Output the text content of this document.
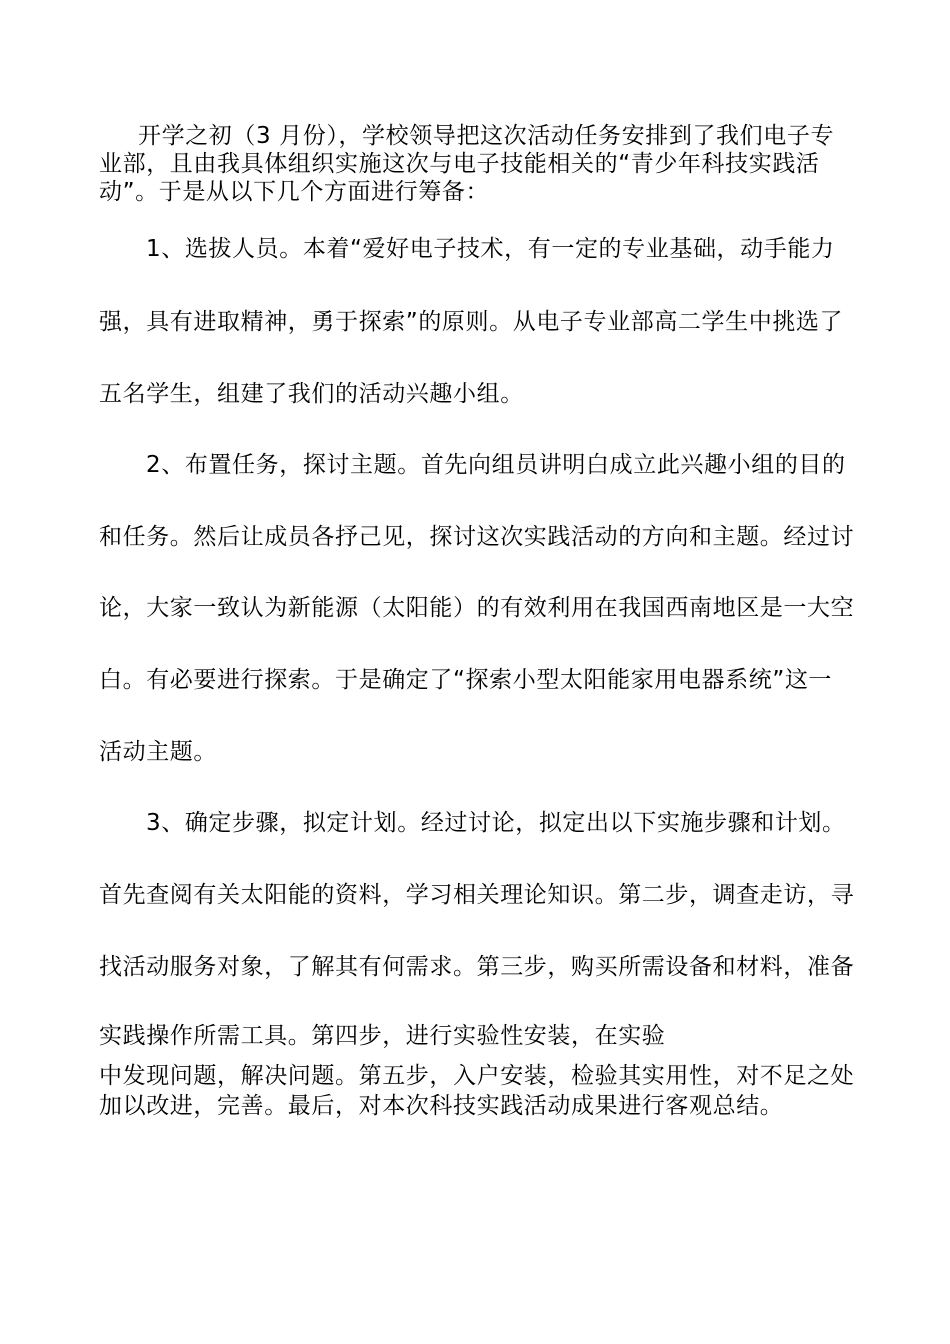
开学之初（3 月份），学校领导把这次活动任务安排到了我们电子专
业部，且由我具体组织实施这次与电子技能相关的“青少年科技实践活
动”。于是从以下几个方面进行筹备：
1、选拔人员。本着“爱好电子技术，有一定的专业基础，动手能力
强，具有进取精神，勇于探索”的原则。从电子专业部高二学生中挑选了
五名学生，组建了我们的活动兴趣小组。
2、布置任务，探讨主题。首先向组员讲明白成立此兴趣小组的目的
和任务。然后让成员各抒己见，探讨这次实践活动的方向和主题。经过讨
论，大家一致认为新能源（太阳能）的有效利用在我国西南地区是一大空
白。有必要进行探索。于是确定了“探索小型太阳能家用电器系统”这一
活动主题。
3、确定步骤，拟定计划。经过讨论，拟定出以下实施步骤和计划。
首先查阅有关太阳能的资料，学习相关理论知识。第二步，调查走访，寻
找活动服务对象，了解其有何需求。第三步，购买所需设备和材料，准备
实践操作所需工具。第四步，进行实验性安装，在实验
中发现问题，解决问题。第五步，入户安装，检验其实用性，对不足之处
加以改进，完善。最后，对本次科技实践活动成果进行客观总结。
